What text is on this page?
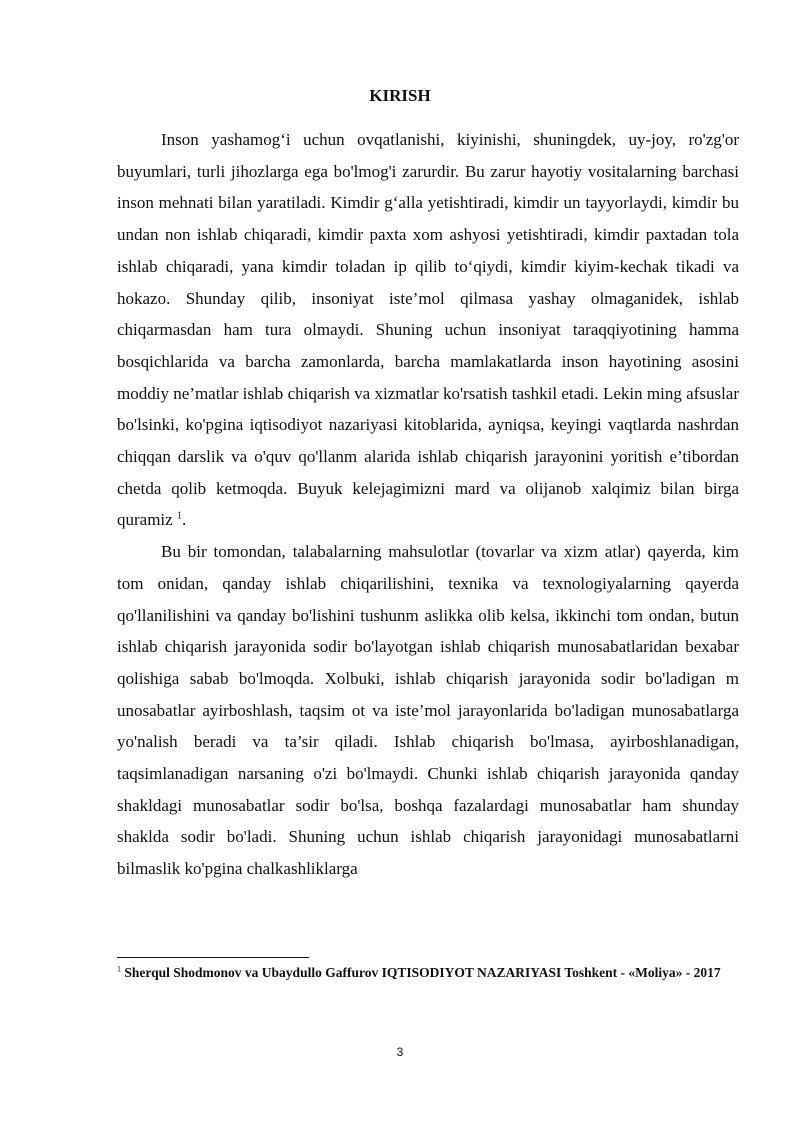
KIRISH

Inson yashamog‘i uchun ovqatlanishi, kiyinishi, shuningdek, uy-joy, ro'zg'or buyumlari, turli jihozlarga ega bo'lmog'i zarurdir. Bu zarur hayotiy vositalarning barchasi inson mehnati bilan yaratiladi. Kimdir g‘alla yetishtiradi, kimdir un tayyorlaydi, kimdir bu undan non ishlab chiqaradi, kimdir paxta xom ashyosi yetishtiradi, kimdir paxtadan tola ishlab chiqaradi, yana kimdir toladan ip qilib to‘qiydi, kimdir kiyim-kechak tikadi va hokazo. Shunday qilib, insoniyat iste’mol qilmasa yashay olmaganidek, ishlab chiqarmasdan ham tura olmaydi. Shuning uchun insoniyat taraqqiyotining hamma bosqichlarida va barcha zamonlarda, barcha mamlakatlarda inson hayotining asosini moddiy ne’matlar ishlab chiqarish va xizmatlar ko'rsatish tashkil etadi. Lekin ming afsuslar bo'lsinki, ko'pgina iqtisodiyot nazariyasi kitoblarida, ayniqsa, keyingi vaqtlarda nashrdan chiqqan darslik va o'quv qo'llanm alarida ishlab chiqarish jarayonini yoritish e’tibordan chetda qolib ketmoqda. Buyuk kelejagimizni mard va olijanob xalqimiz bilan birga quramiz $^1$.

Bu bir tomondan, talabalarning mahsulotlar (tovarlar va xizm atlar) qayerda, kim tom onidan, qanday ishlab chiqarilishini, texnika va texnologiyalarning qayerda qo'llanilishini va qanday bo'lishini tushunm aslikka olib kelsa, ikkinchi tom ondan, butun ishlab chiqarish jarayonida sodir bo'layotgan ishlab chiqarish munosabatlaridan bexabar qolishiga sabab bo'lmoqda. Xolbuki, ishlab chiqarish jarayonida sodir bo'ladigan m unosabatlar ayirboshlash, taqsim ot va iste’mol jarayonlarida bo'ladigan munosabatlarga yo'nalish beradi va ta’sir qiladi. Ishlab chiqarish bo'lmasa, ayirboshlanadigan, taqsimlanadigan narsaning o'zi bo'lmaydi. Chunki ishlab chiqarish jarayonida qanday shakldagi munosabatlar sodir bo'lsa, boshqa fazalardagi munosabatlar ham shunday shaklda sodir bo'ladi. Shuning uchun ishlab chiqarish jarayonidagi munosabatlarni bilmaslik ko'pgina chalkashliklarga

$^1$ Sherqul Shodmonov va Ubaydullo Gaffurov IQTISODIYOT NAZARIYASI Toshkent - «Moliya» - 2017
3
